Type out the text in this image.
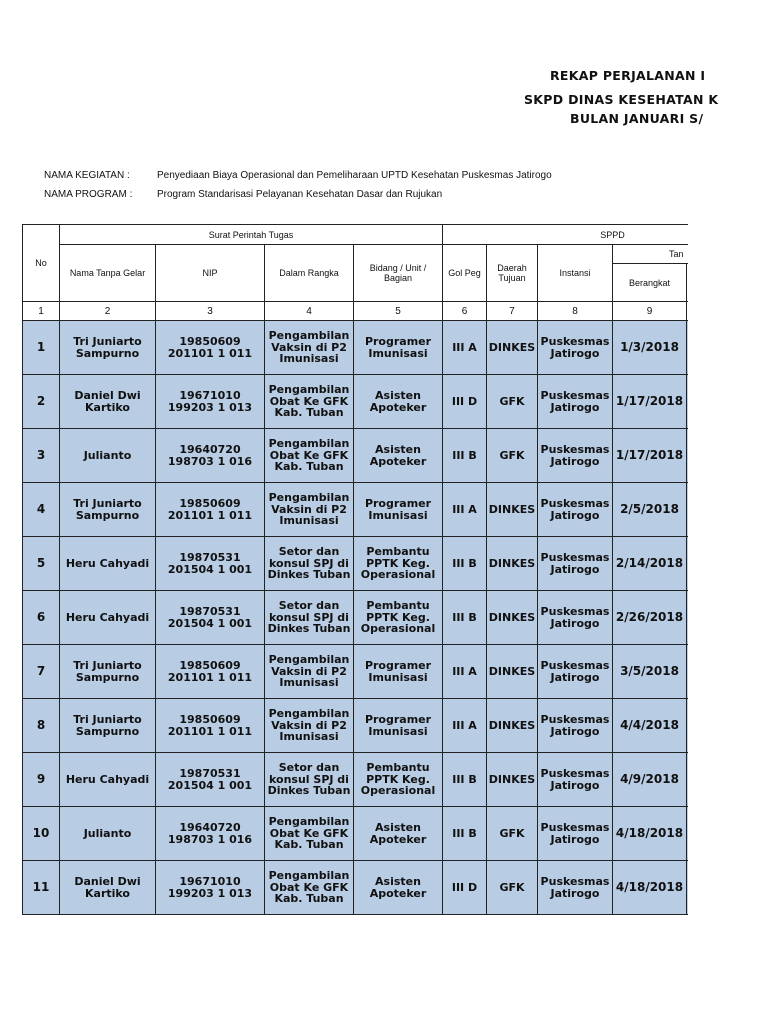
REKAP PERJALANAN I
SKPD DINAS KESEHATAN K
BULAN JANUARI S/
NAMA KEGIATAN :	Penyediaan Biaya Operasional dan Pemeliharaan UPTD Kesehatan Puskesmas Jatirogo
NAMA PROGRAM : Program Standarisasi Pelayanan Kesehatan Dasar dan Rujukan
No	Surat Perintah Tugas				SPPD				
	Nama Tanpa Gelar	NIP	Dalam Rangka	Bidang / Unit / Bagian	Gol Peg	Daerah Tujuan	Instansi	Tan	
								Berangkat	
1	2	3	4	5	6	7	8	9	
1	Tri Juniarto Sampurno	19850609 201101 1 011	Pengambilan Vaksin di P2 Imunisasi	Programer Imunisasi	III A	DINKES	Puskesmas Jatirogo	1/3/2018	
2	Daniel Dwi Kartiko	19671010 199203 1 013	Pengambilan Obat Ke GFK Kab. Tuban	Asisten Apoteker	III D	GFK	Puskesmas Jatirogo	1/17/2018	
3	Julianto	19640720 198703 1 016	Pengambilan Obat Ke GFK Kab. Tuban	Asisten Apoteker	III B	GFK	Puskesmas Jatirogo	1/17/2018	
4	Tri Juniarto Sampurno	19850609 201101 1 011	Pengambilan Vaksin di P2 Imunisasi	Programer Imunisasi	III A	DINKES	Puskesmas Jatirogo	2/5/2018	
5	Heru Cahyadi	19870531 201504 1 001	Setor dan konsul SPJ di Dinkes Tuban	Pembantu PPTK Keg. Operasional	III B	DINKES	Puskesmas Jatirogo	2/14/2018	
6	Heru Cahyadi	19870531 201504 1 001	Setor dan konsul SPJ di Dinkes Tuban	Pembantu PPTK Keg. Operasional	III B	DINKES	Puskesmas Jatirogo	2/26/2018	
7	Tri Juniarto Sampurno	19850609 201101 1 011	Pengambilan Vaksin di P2 Imunisasi	Programer Imunisasi	III A	DINKES	Puskesmas Jatirogo	3/5/2018	
8	Tri Juniarto Sampurno	19850609 201101 1 011	Pengambilan Vaksin di P2 Imunisasi	Programer Imunisasi	III A	DINKES	Puskesmas Jatirogo	4/4/2018	
9	Heru Cahyadi	19870531 201504 1 001	Setor dan konsul SPJ di Dinkes Tuban	Pembantu PPTK Keg. Operasional	III B	DINKES	Puskesmas Jatirogo	4/9/2018	
10	Julianto	19640720 198703 1 016	Pengambilan Obat Ke GFK Kab. Tuban	Asisten Apoteker	III B	GFK	Puskesmas Jatirogo	4/18/2018	
11	Daniel Dwi Kartiko	19671010 199203 1 013	Pengambilan Obat Ke GFK Kab. Tuban	Asisten Apoteker	III D	GFK	Puskesmas Jatirogo	4/18/2018	
